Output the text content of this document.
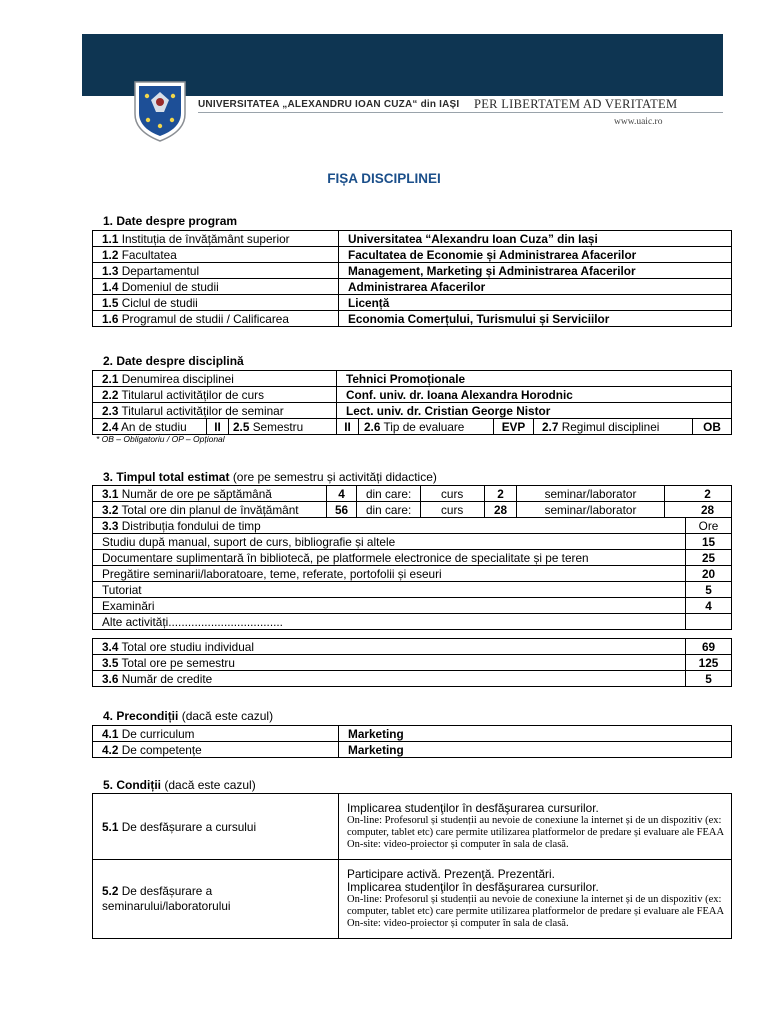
UNIVERSITATEA „ALEXANDRU IOAN CUZA“ din IAȘI PER LIBERTATEM AD VERITATEM
www.uaic.ro
FIȘA DISCIPLINEI
1. Date despre program
1.1 Instituția de învățământ superior	Universitatea “Alexandru Ioan Cuza” din Iași
1.2 Facultatea	Facultatea de Economie și Administrarea Afacerilor
1.3 Departamentul	Management, Marketing și Administrarea Afacerilor
1.4 Domeniul de studii	Administrarea Afacerilor
1.5 Ciclul de studii	Licență
1.6 Programul de studii / Calificarea	Economia Comerțului, Turismului și Serviciilor
2. Date despre disciplină
2.1 Denumirea disciplinei	Tehnici Promoționale
2.2 Titularul activităților de curs	Conf. univ. dr. Ioana Alexandra Horodnic
2.3 Titularul activităților de seminar	Lect. univ. dr. Cristian George Nistor
2.4 An de studiu	II	2.5 Semestru	II	2.6 Tip de evaluare	EVP	2.7 Regimul disciplinei	OB
* OB – Obligatoriu / OP – Opțional
3. Timpul total estimat (ore pe semestru și activități didactice)
3.1 Număr de ore pe săptămână	4	din care:	curs	2	seminar/laborator	2
3.2 Total ore din planul de învățământ	56	din care:	curs	28	seminar/laborator	28
3.3 Distribuția fondului de timp	Ore
Studiu după manual, suport de curs, bibliografie și altele	15
Documentare suplimentară în bibliotecă, pe platformele electronice de specialitate și pe teren	25
Pregătire seminarii/laboratoare, teme, referate, portofolii și eseuri	20
Tutoriat	5
Examinări	4
Alte activități...................................	
3.4 Total ore studiu individual	69
3.5 Total ore pe semestru	125
3.6 Număr de credite	5
4. Precondiții (dacă este cazul)
4.1 De curriculum	Marketing
4.2 De competențe	Marketing
5. Condiții (dacă este cazul)
5.1 De desfășurare a cursului	Implicarea studenţilor în desfăşurarea cursurilor.
On-line: Profesorul și studenții au nevoie de conexiune la internet și de un dispozitiv (ex: computer, tablet etc) care permite utilizarea platformelor de predare și evaluare ale FEAA
On-site: video-proiector și computer în sala de clasă.

5.2 De desfășurare a seminarului/laboratorului	Participare activă. Prezenţă. Prezentări.
Implicarea studenţilor în desfăşurarea cursurilor.
On-line: Profesorul și studenții au nevoie de conexiune la internet și de un dispozitiv (ex: computer, tablet etc) care permite utilizarea platformelor de predare și evaluare ale FEAA
On-site: video-proiector și computer în sala de clasă.
